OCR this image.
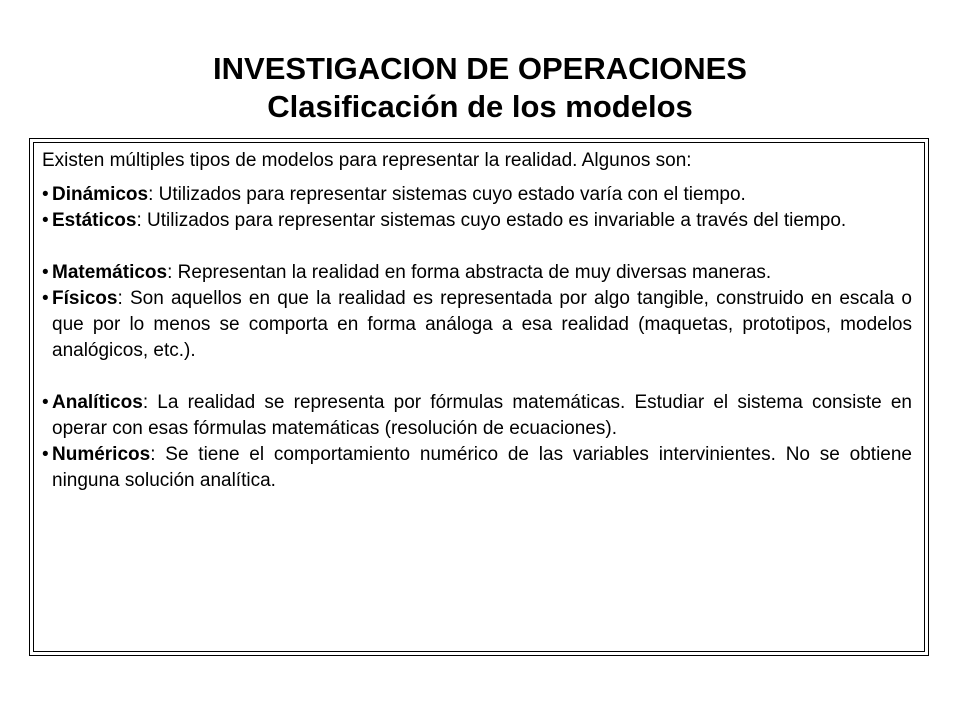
INVESTIGACION DE OPERACIONES
Clasificación de los modelos

Existen múltiples tipos de modelos para representar la realidad. Algunos son:

• Dinámicos: Utilizados para representar sistemas cuyo estado varía con el tiempo.

• Estáticos: Utilizados para representar sistemas cuyo estado es invariable a través del tiempo.

• Matemáticos: Representan la realidad en forma abstracta de muy diversas maneras.

• Físicos: Son aquellos en que la realidad es representada por algo tangible, construido en escala o que por lo menos se comporta en forma análoga a esa realidad (maquetas, prototipos, modelos analógicos, etc.).

• Analíticos: La realidad se representa por fórmulas matemáticas. Estudiar el sistema consiste en operar con esas fórmulas matemáticas (resolución de ecuaciones).

• Numéricos: Se tiene el comportamiento numérico de las variables intervinientes. No se obtiene ninguna solución analítica.
